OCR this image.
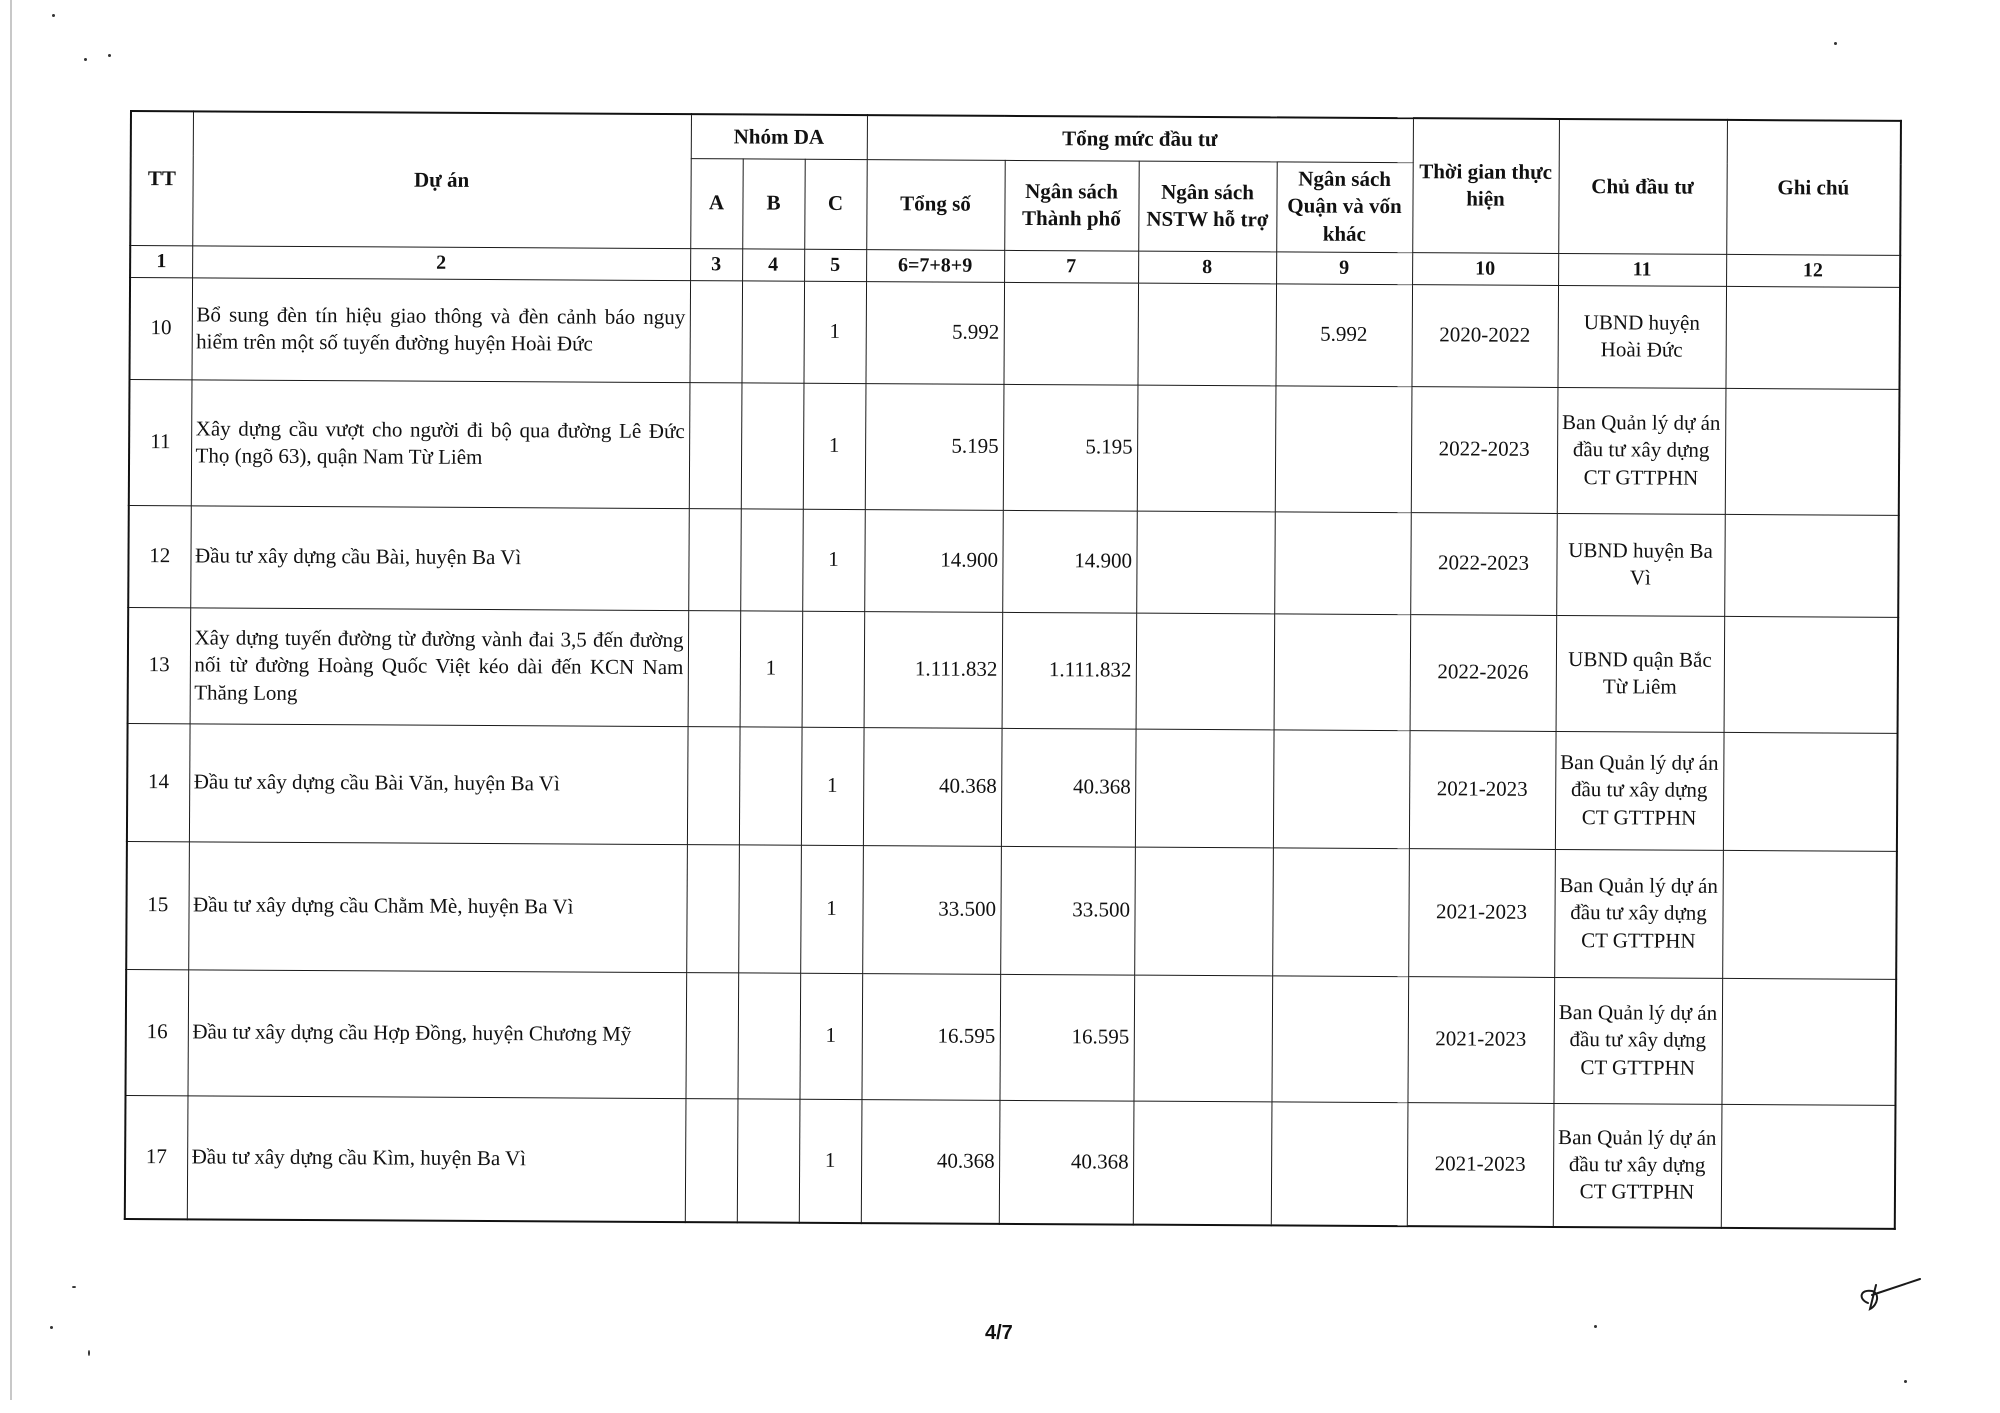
TT	Dự án	Nhóm DA			Tổng mức đầu tư				Thời gian thực hiện	Chủ đầu tư	Ghi chú
		A	B	C	Tổng số	Ngân sách Thành phố	Ngân sách NSTW hỗ trợ	Ngân sách Quận và vốn khác			
1	2	3	4	5	6=7+8+9	7	8	9	10	11	12
10	Bổ sung đèn tín hiệu giao thông và đèn cảnh báo nguy hiểm trên một số tuyến đường huyện Hoài Đức			1	5.992			5.992	2020-2022	UBND huyện Hoài Đức	
11	Xây dựng cầu vượt cho người đi bộ qua đường Lê Đức Thọ (ngõ 63), quận Nam Từ Liêm			1	5.195	5.195			2022-2023	Ban Quản lý dự án đầu tư xây dựng CT GTTPHN	
12	Đầu tư xây dựng cầu Bài, huyện Ba Vì			1	14.900	14.900			2022-2023	UBND huyện Ba Vì	
13	Xây dựng tuyến đường từ đường vành đai 3,5 đến đường nối từ đường Hoàng Quốc Việt kéo dài đến KCN Nam Thăng Long		1		1.111.832	1.111.832			2022-2026	UBND quận Bắc Từ Liêm	
14	Đầu tư xây dựng cầu Bài Văn, huyện Ba Vì			1	40.368	40.368			2021-2023	Ban Quản lý dự án đầu tư xây dựng CT GTTPHN	
15	Đầu tư xây dựng cầu Chằm Mè, huyện Ba Vì			1	33.500	33.500			2021-2023	Ban Quản lý dự án đầu tư xây dựng CT GTTPHN	
16	Đầu tư xây dựng cầu Hợp Đồng, huyện Chương Mỹ			1	16.595	16.595			2021-2023	Ban Quản lý dự án đầu tư xây dựng CT GTTPHN	
17	Đầu tư xây dựng cầu Kìm, huyện Ba Vì			1	40.368	40.368			2021-2023	Ban Quản lý dự án đầu tư xây dựng CT GTTPHN	
4/7
